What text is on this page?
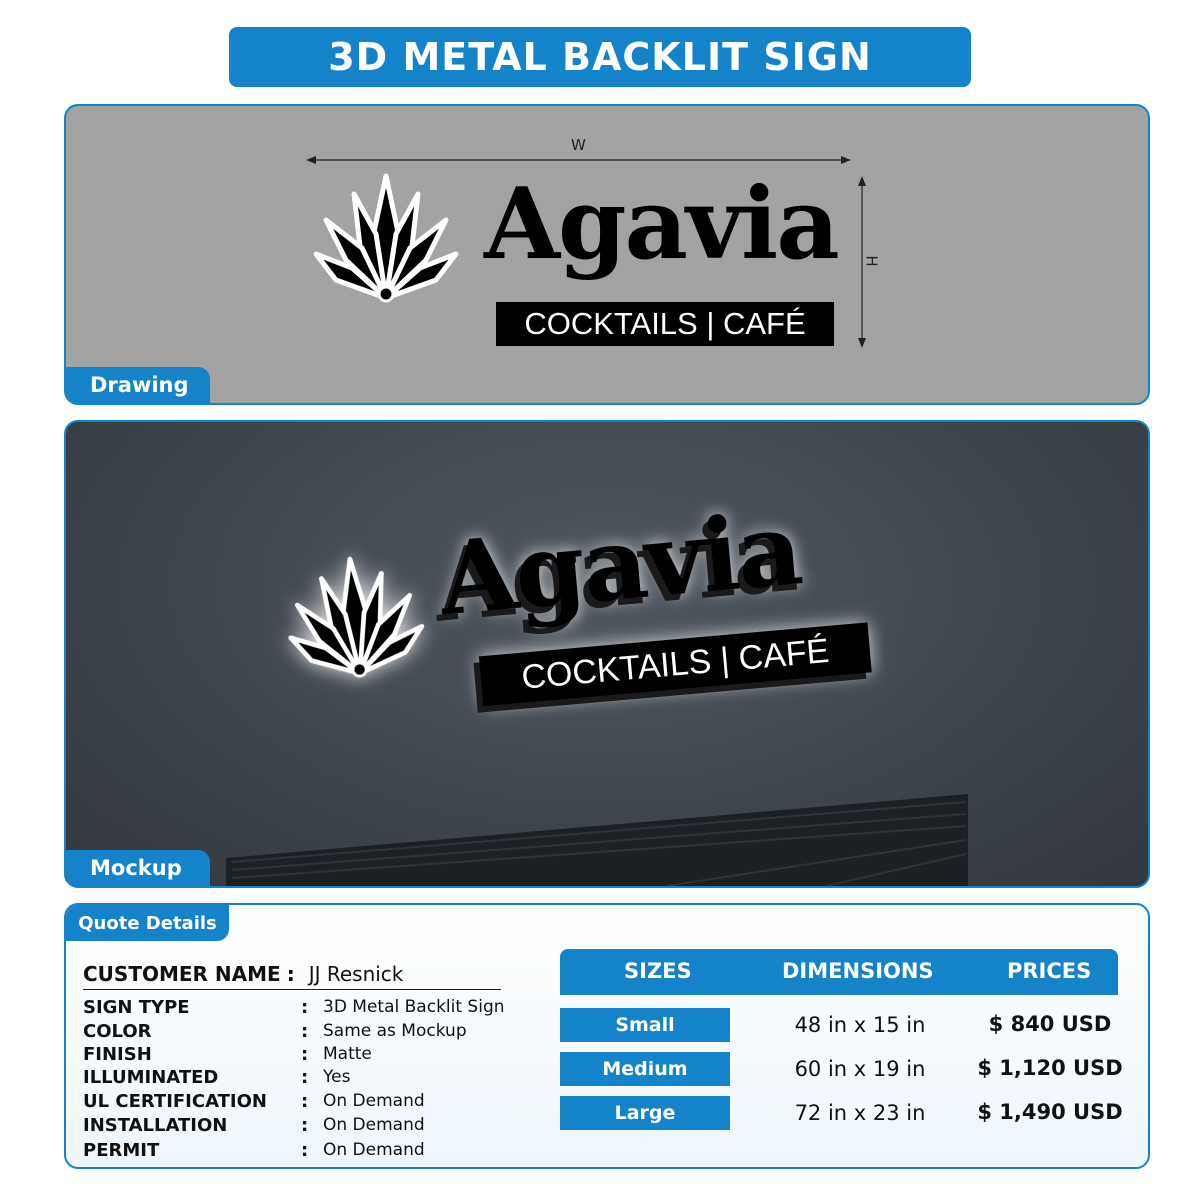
3D METAL BACKLIT SIGN
W
H
Agavia
COCKTAILS | CAFÉ
Drawing
Agavia
COCKTAILS | CAFÉ
Mockup
Quote Details
CUSTOMER NAME : JJ Resnick
SIGN TYPE	: 3D Metal Backlit Sign
COLOR	: Same as Mockup
FINISH	: Matte
ILLUMINATED	: Yes
UL CERTIFICATION	: On Demand
INSTALLATION	: On Demand
PERMIT	: On Demand
SIZES	DIMENSIONS	PRICES
Small	48 in x 15 in	$ 840 USD
Medium	60 in x 19 in	$ 1,120 USD
Large	72 in x 23 in	$ 1,490 USD
